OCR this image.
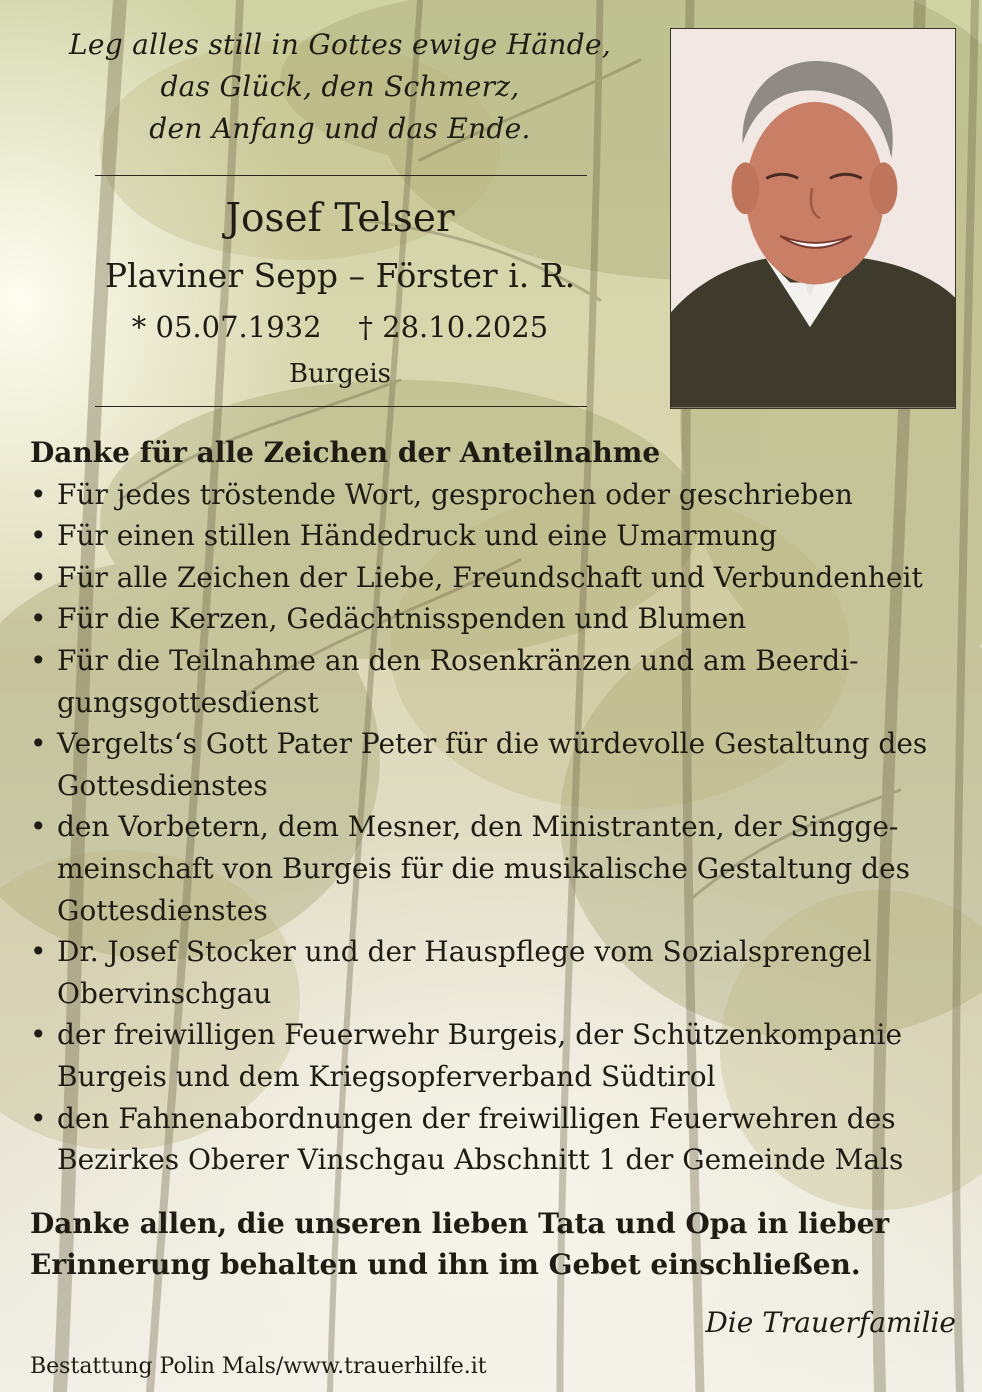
Leg alles still in Gottes ewige Hände,
das Glück, den Schmerz,
den Anfang und das Ende.
Josef Telser
Plaviner Sepp – Förster i. R.
* 05.07.1932    † 28.10.2025
Burgeis
Danke für alle Zeichen der Anteilnahme
• Für jedes tröstende Wort, gesprochen oder geschrieben
• Für einen stillen Händedruck und eine Umarmung
• Für alle Zeichen der Liebe, Freundschaft und Verbundenheit
• Für die Kerzen, Gedächtnisspenden und Blumen
• Für die Teilnahme an den Rosenkränzen und am Beerdi-
gungsgottesdienst
• Vergelts‘s Gott Pater Peter für die würdevolle Gestaltung des
Gottesdienstes
• den Vorbetern, dem Mesner, den Ministranten, der Singge-
meinschaft von Burgeis für die musikalische Gestaltung des
Gottesdienstes
• Dr. Josef Stocker und der Hauspflege vom Sozialsprengel
Obervinschgau
• der freiwilligen Feuerwehr Burgeis, der Schützenkompanie
Burgeis und dem Kriegsopferverband Südtirol
• den Fahnenabordnungen der freiwilligen Feuerwehren des
Bezirkes Oberer Vinschgau Abschnitt 1 der Gemeinde Mals
Danke allen, die unseren lieben Tata und Opa in lieber
Erinnerung behalten und ihn im Gebet einschließen.
Die Trauerfamilie
Bestattung Polin Mals/www.trauerhilfe.it
